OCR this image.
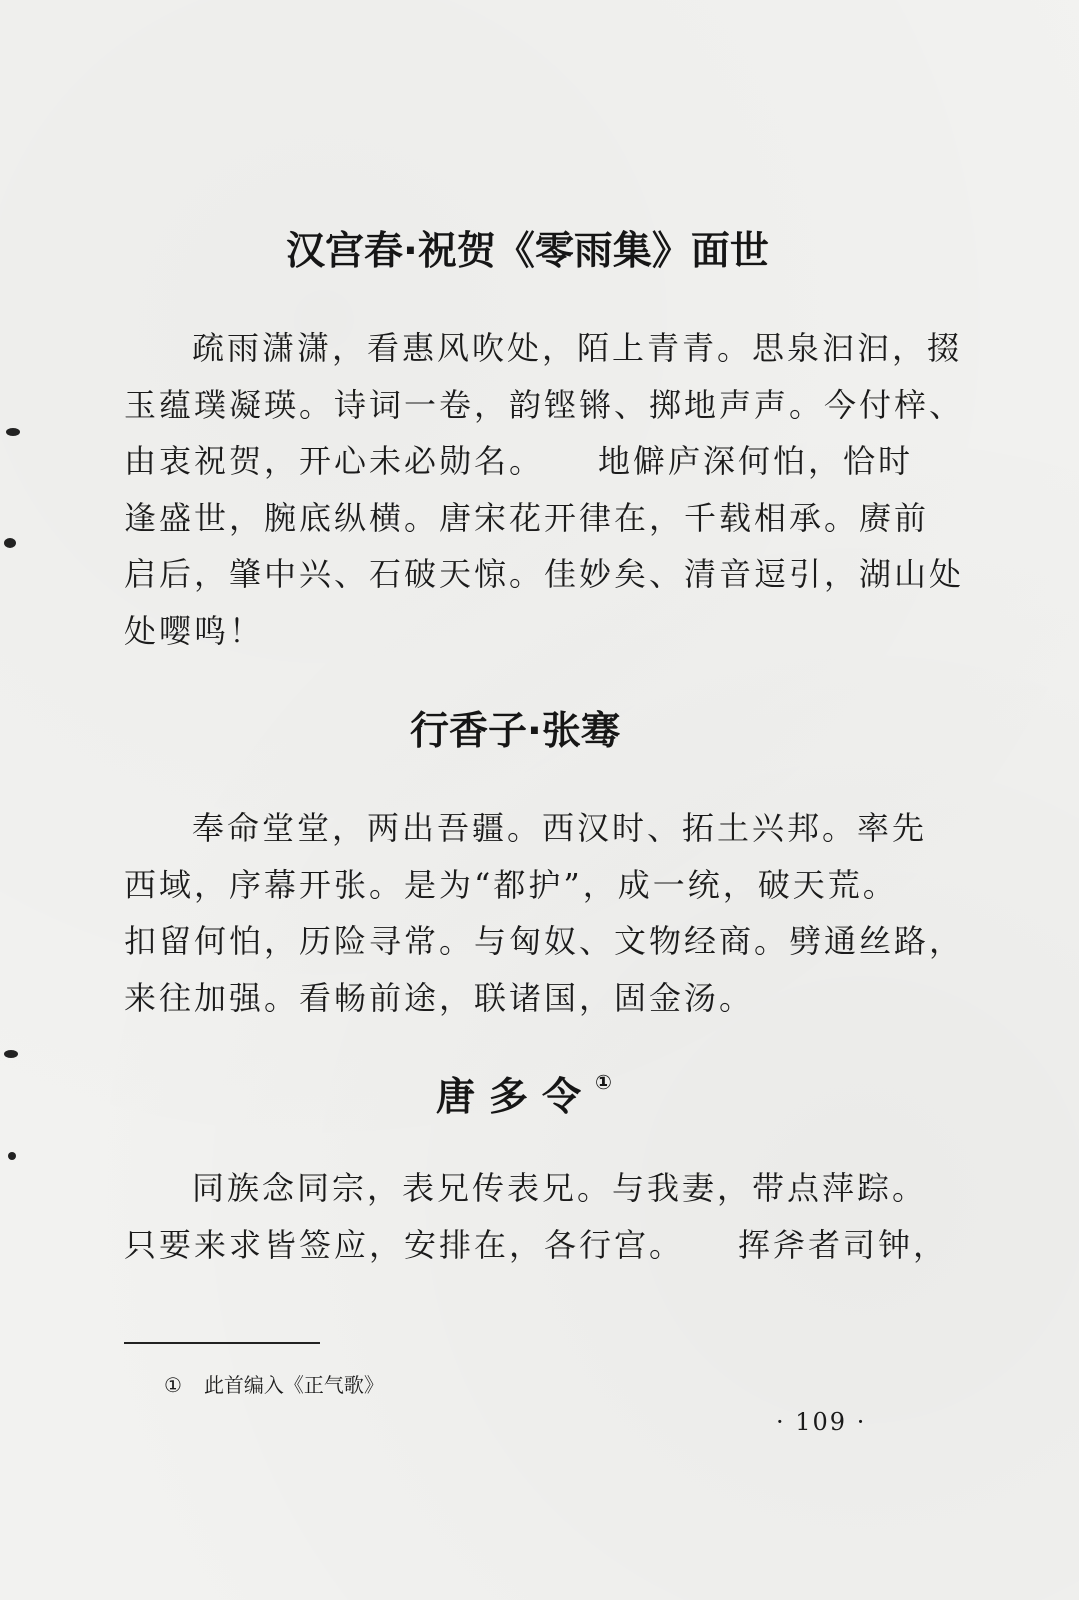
汉宫春·祝贺《零雨集》面世

疏雨潇潇，看惠风吹处，陌上青青。思泉汩汩，掇

玉蕴璞凝瑛。诗词一卷，韵铿锵、掷地声声。今付梓、

由衷祝贺，开心未必勋名。　　地僻庐深何怕，恰时

逢盛世，腕底纵横。唐宋花开律在，千载相承。赓前

启后，肇中兴、石破天惊。佳妙矣、清音逗引，湖山处

处嘤鸣！

行香子·张骞

奉命堂堂，两出吾疆。西汉时、拓土兴邦。率先

西域，序幕开张。是为“都护”，成一统，破天荒。

扣留何怕，历险寻常。与匈奴、文物经商。劈通丝路，

来往加强。看畅前途，联诸国，固金汤。

唐多令①

同族念同宗，表兄传表兄。与我妻，带点萍踪。

只要来求皆签应，安排在，各行宫。　　挥斧者司钟，

① 此首编入《正气歌》
· 109 ·
